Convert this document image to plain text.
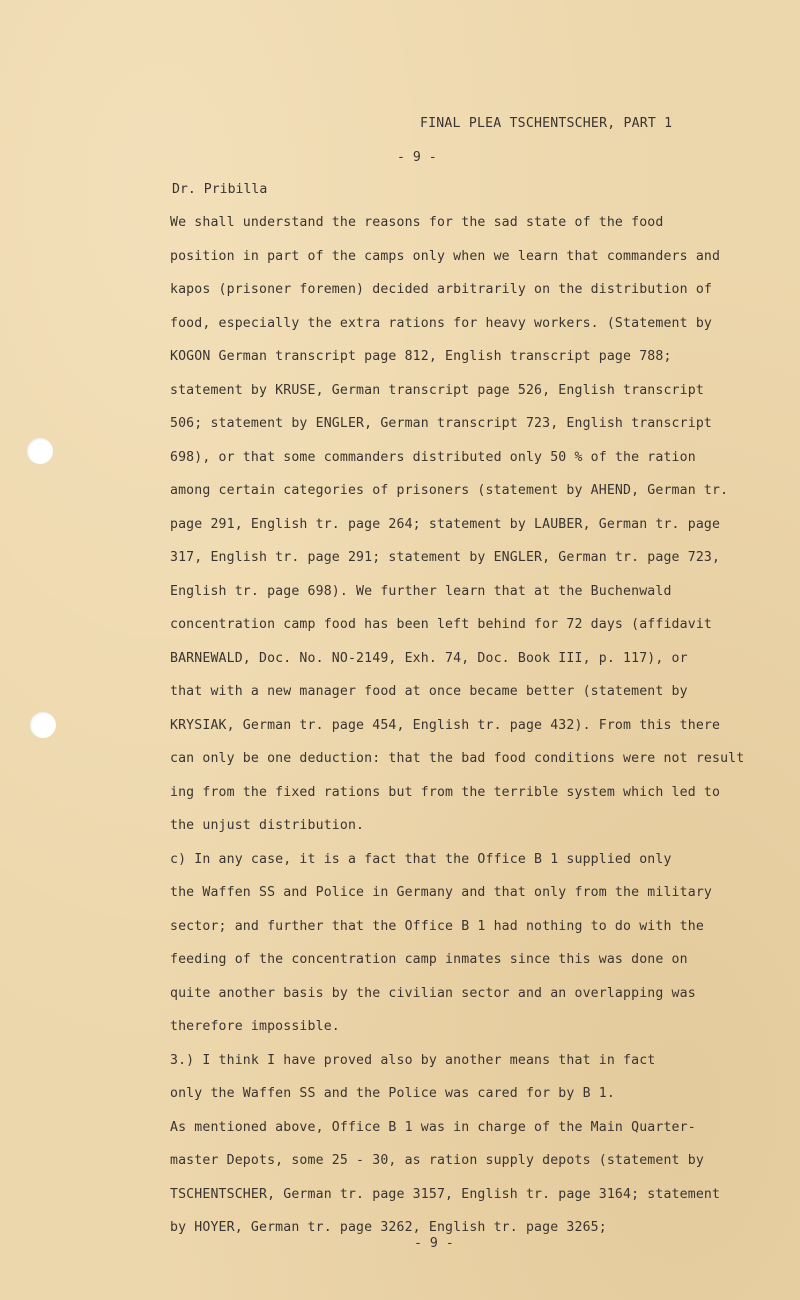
FINAL PLEA TSCHENTSCHER, PART 1
- 9 -
Dr. Pribilla
We shall understand the reasons for the sad state of the food
position in part of the camps only when we learn that commanders and
kapos (prisoner foremen) decided arbitrarily on the distribution of
food, especially the extra rations for heavy workers. (Statement by
KOGON German transcript page 812, English transcript page 788;
statement by KRUSE, German transcript page 526, English transcript
506; statement by ENGLER, German transcript 723, English transcript
698), or that some commanders distributed only 50 % of the ration
among certain categories of prisoners (statement by AHEND, German tr.
page 291, English tr. page 264; statement by LAUBER, German tr. page
317, English tr. page 291; statement by ENGLER, German tr. page 723,
English tr. page 698). We further learn that at the Buchenwald
concentration camp food has been left behind for 72 days (affidavit
BARNEWALD, Doc. No. NO-2149, Exh. 74, Doc. Book III, p. 117), or
that with a new manager food at once became better (statement by
KRYSIAK, German tr. page 454, English tr. page 432). From this there
can only be one deduction: that the bad food conditions were not result
ing from the fixed rations but from the terrible system which led to
the unjust distribution.
c) In any case, it is a fact that the Office B 1 supplied only
the Waffen SS and Police in Germany and that only from the military
sector; and further that the Office B 1 had nothing to do with the
feeding of the concentration camp inmates since this was done on
quite another basis by the civilian sector and an overlapping was
therefore impossible.
3.) I think I have proved also by another means that in fact
only the Waffen SS and the Police was cared for by B 1.
As mentioned above, Office B 1 was in charge of the Main Quarter-
master Depots, some 25 - 30, as ration supply depots (statement by
TSCHENTSCHER, German tr. page 3157, English tr. page 3164; statement
by HOYER, German tr. page 3262, English tr. page 3265;
- 9 -
